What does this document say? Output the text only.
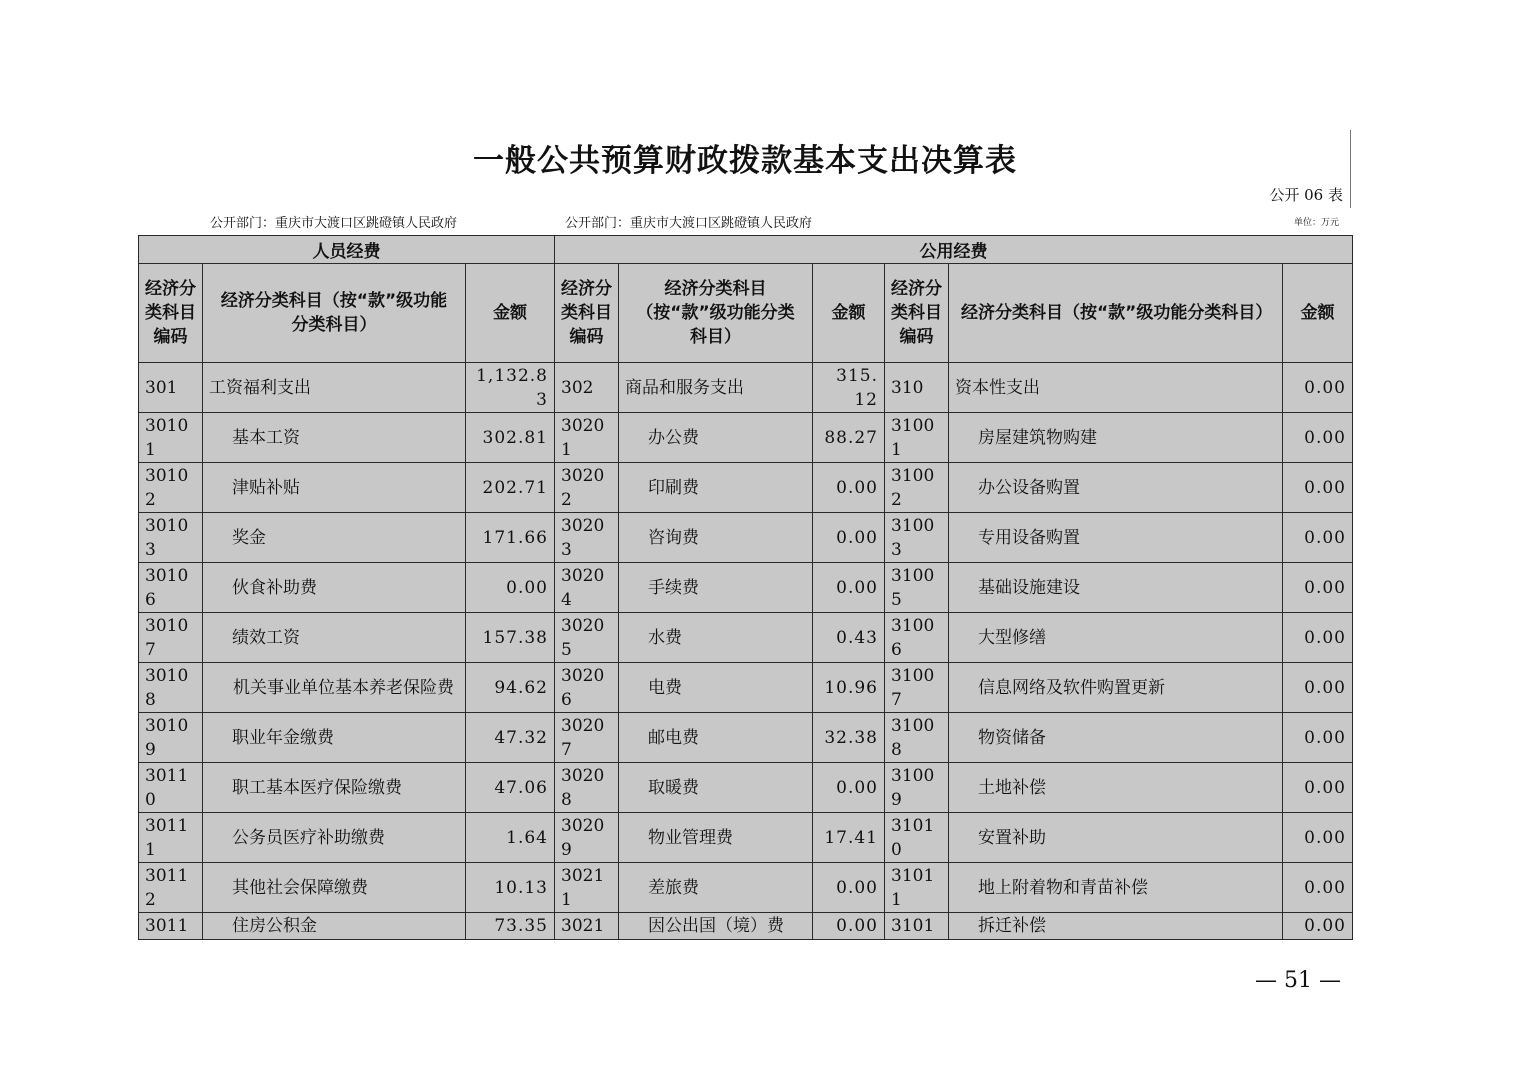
一般公共预算财政拨款基本支出决算表
公开 06 表
公开部门：重庆市大渡口区跳磴镇人民政府	公开部门：重庆市大渡口区跳磴镇人民政府	单位：万元
人员经费			公用经费					
经济分类科目编码	经济分类科目（按“款”级功能分类科目）	金额	经济分类科目编码	经济分类科目（按“款”级功能分类科目）	金额	经济分类科目编码	经济分类科目（按“款”级功能分类科目）	金额
301	工资福利支出	1,132.83	302	商品和服务支出	315.12	310	资本性支出	0.00
30101	基本工资	302.81	30201	办公费	88.27	31001	房屋建筑物购建	0.00
30102	津贴补贴	202.71	30202	印刷费	0.00	31002	办公设备购置	0.00
30103	奖金	171.66	30203	咨询费	0.00	31003	专用设备购置	0.00
30106	伙食补助费	0.00	30204	手续费	0.00	31005	基础设施建设	0.00
30107	绩效工资	157.38	30205	水费	0.43	31006	大型修缮	0.00
30108	机关事业单位基本养老保险费	94.62	30206	电费	10.96	31007	信息网络及软件购置更新	0.00
30109	职业年金缴费	47.32	30207	邮电费	32.38	31008	物资储备	0.00
30110	职工基本医疗保险缴费	47.06	30208	取暖费	0.00	31009	土地补偿	0.00
30111	公务员医疗补助缴费	1.64	30209	物业管理费	17.41	31010	安置补助	0.00
30112	其他社会保障缴费	10.13	30211	差旅费	0.00	31011	地上附着物和青苗补偿	0.00
3011	住房公积金	73.35	3021	因公出国（境）费	0.00	3101	拆迁补偿	0.00
— 51 —
